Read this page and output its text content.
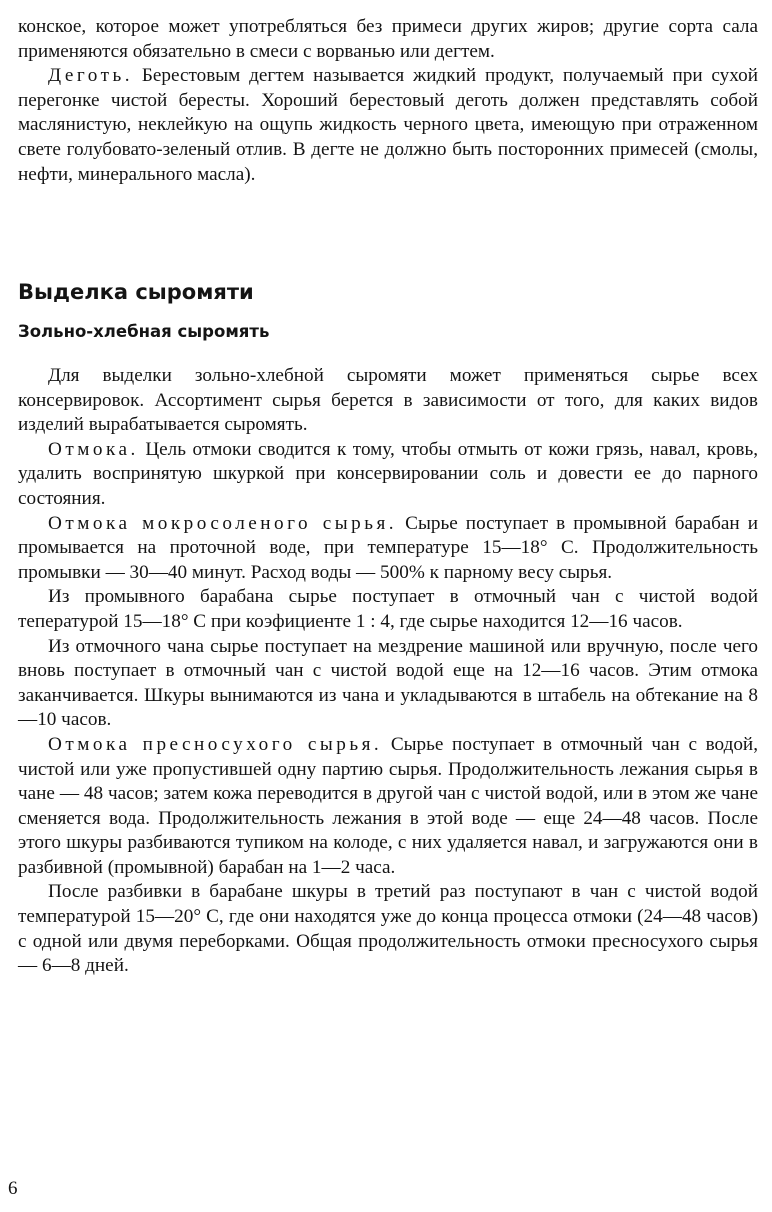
конское, которое может употребляться без примеси других жиров; другие сорта сала применяются обязательно в смеси с ворванью или дегтем.

Деготь. Берестовым дегтем называется жидкий продукт, получаемый при сухой перегонке чистой бересты. Хороший берестовый деготь должен представлять собой маслянистую, неклейкую на ощупь жидкость черного цвета, имеющую при отраженном свете голубовато-зеленый отлив. В дегте не должно быть посторонних примесей (смолы, нефти, минерального масла).

Выделка сыромяти
Зольно-хлебная сыромять

Для выделки зольно-хлебной сыромяти может применяться сырье всех консервировок. Ассортимент сырья берется в зависимости от того, для каких видов изделий вырабатывается сыромять.

Отмока. Цель отмоки сводится к тому, чтобы отмыть от кожи грязь, навал, кровь, удалить воспринятую шкуркой при консервировании соль и довести ее до парного состояния.

Отмока мокросоленого сырья. Сырье поступает в промывной барабан и промывается на проточной воде, при температуре 15—18° С. Продолжительность промывки — 30—40 минут. Расход воды — 500% к парному весу сырья.

Из промывного барабана сырье поступает в отмочный чан с чистой водой тепературой 15—18° С при коэфициенте 1 : 4, где сырье находится 12—16 часов.

Из отмочного чана сырье поступает на мездрение машиной или вручную, после чего вновь поступает в отмочный чан с чистой водой еще на 12—16 часов. Этим отмока заканчивается. Шкуры вынимаются из чана и укладываются в штабель на обтекание на 8—10 часов.

Отмока пресносухого сырья. Сырье поступает в отмочный чан с водой, чистой или уже пропустившей одну партию сырья. Продолжительность лежания сырья в чане — 48 часов; затем кожа переводится в другой чан с чистой водой, или в этом же чане сменяется вода. Продолжительность лежания в этой воде — еще 24—48 часов. После этого шкуры разбиваются тупиком на колоде, с них удаляется навал, и загружаются они в разбивной (промывной) барабан на 1—2 часа.

После разбивки в барабане шкуры в третий раз поступают в чан с чистой водой температурой 15—20° С, где они находятся уже до конца процесса отмоки (24—48 часов) с одной или двумя переборками. Общая продолжительность отмоки пресносухого сырья — 6—8 дней.

6
